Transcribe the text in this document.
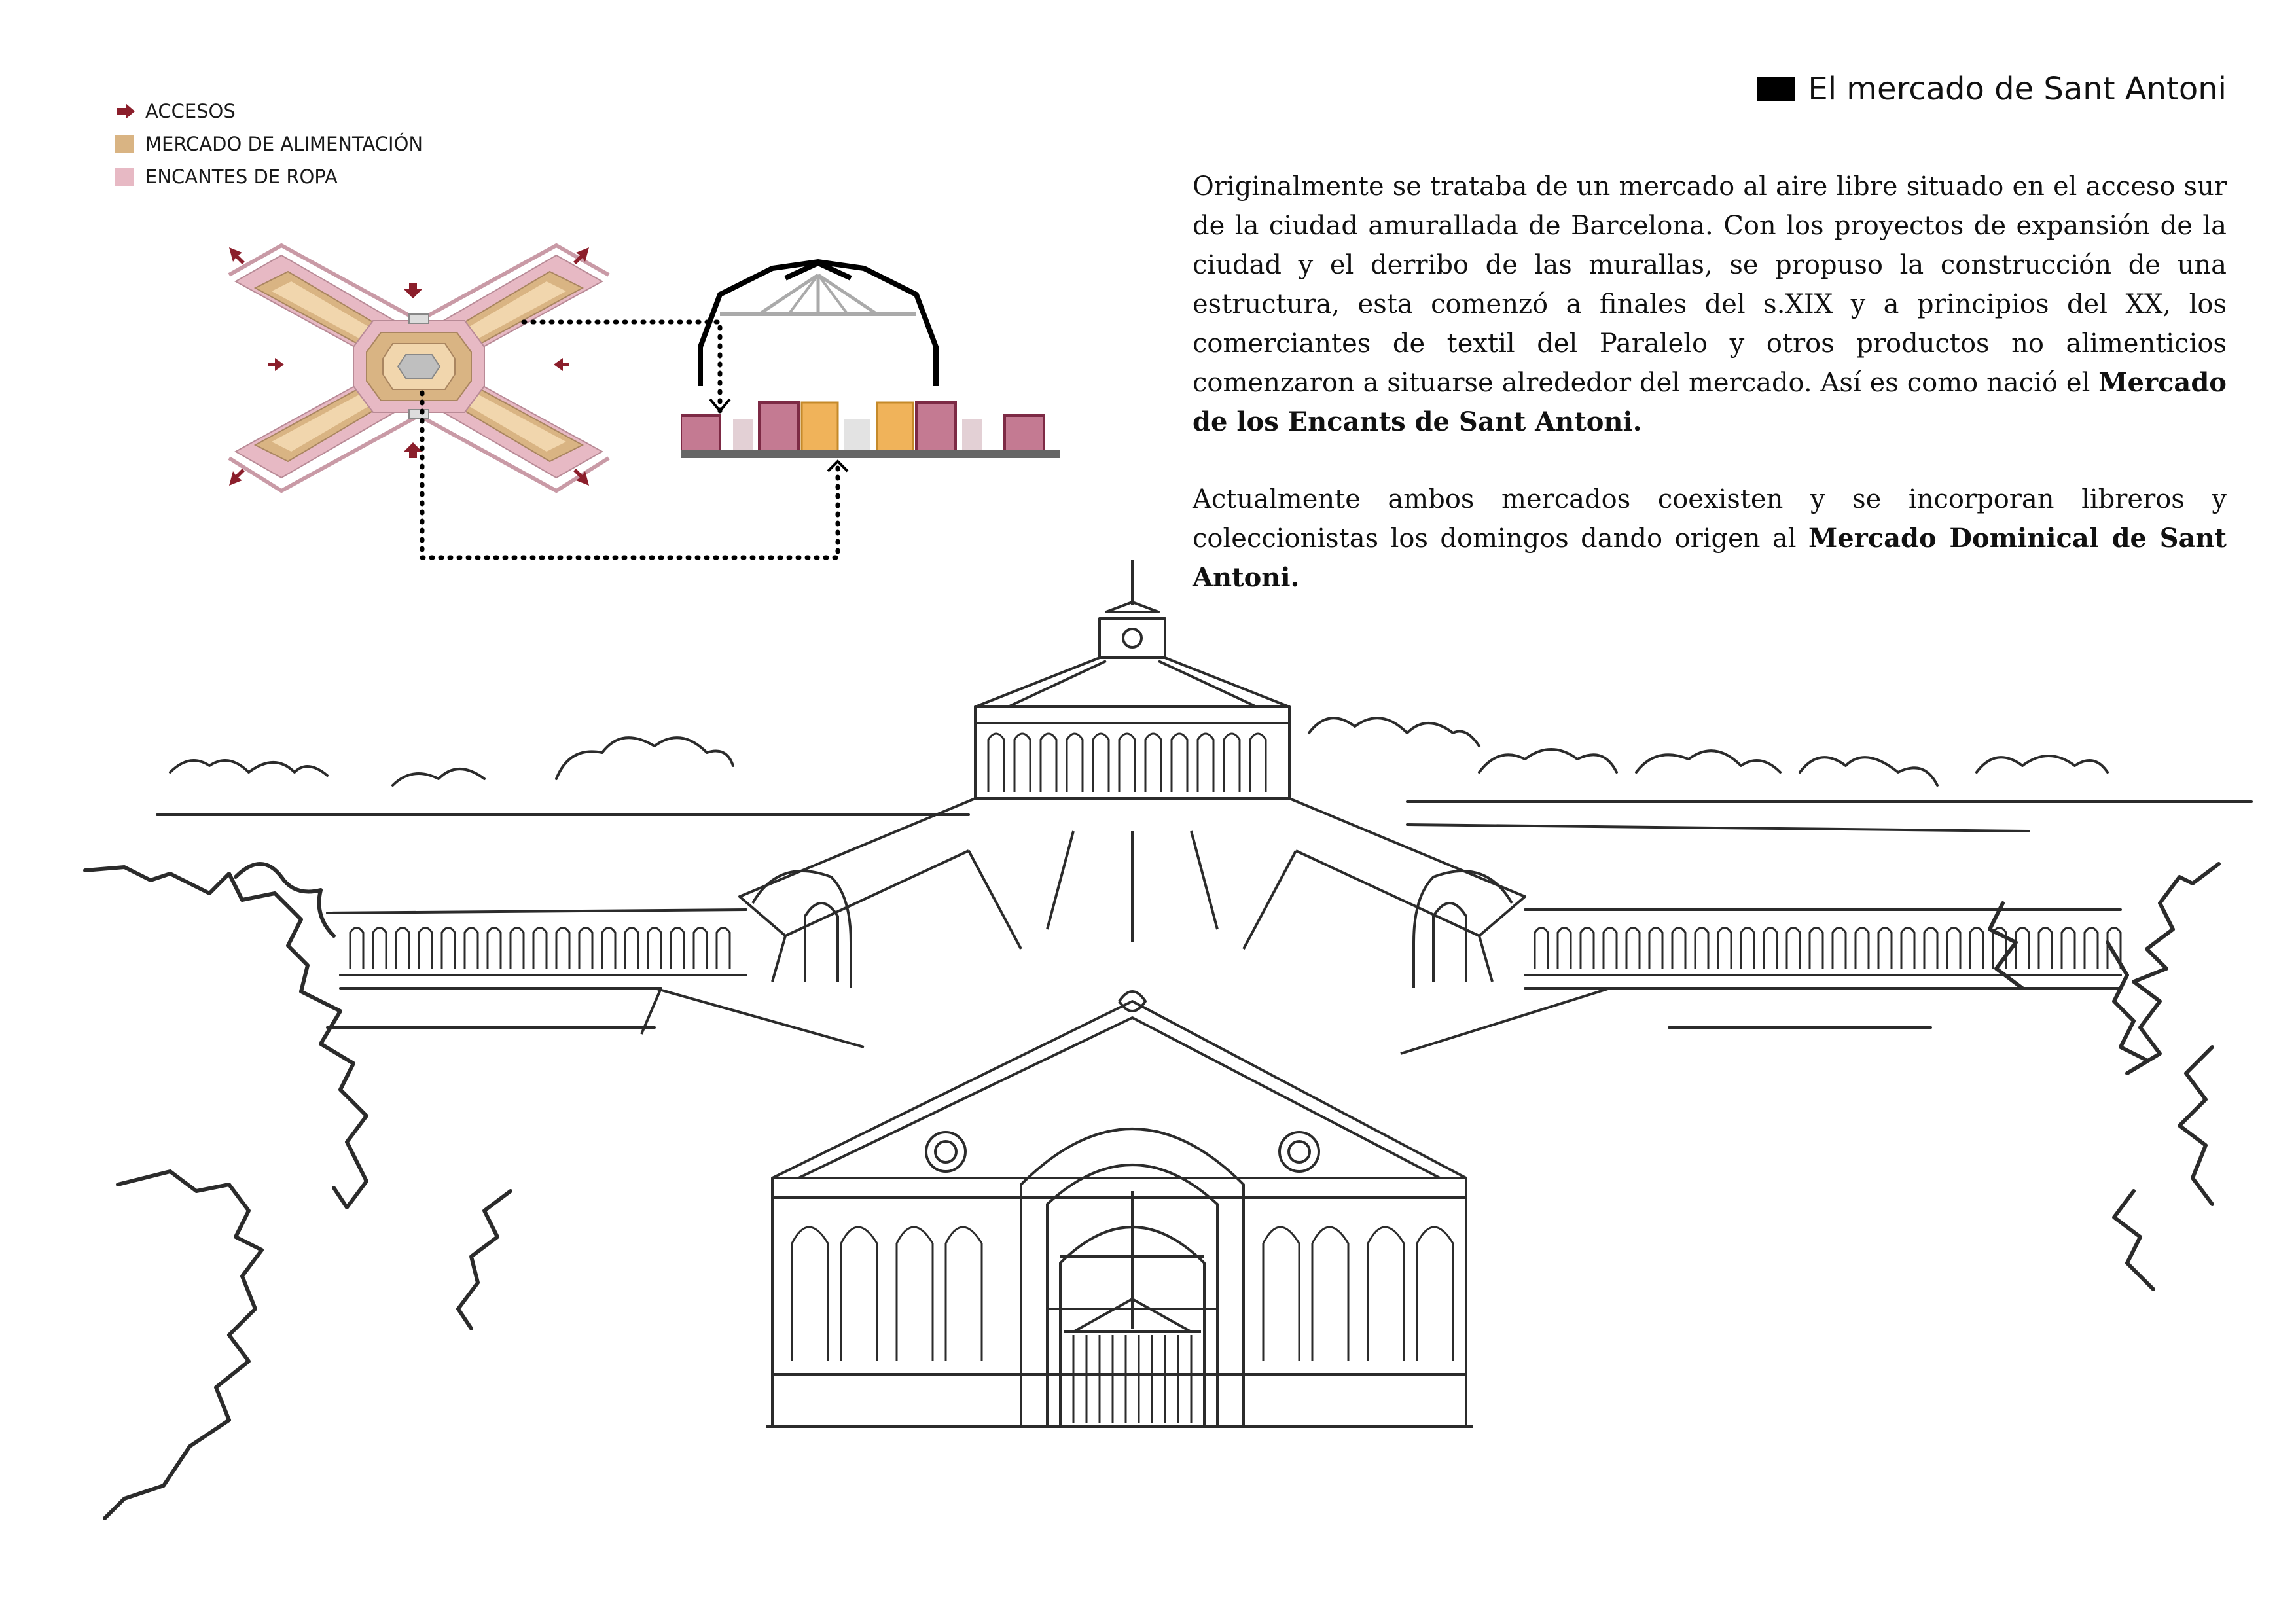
El mercado de Sant Antoni
ACCESOS
MERCADO DE ALIMENTACIÓN
ENCANTES DE ROPA	Originalmente se trataba de un mercado al aire libre situado en el acceso sur de la ciudad amurallada de Barcelona. Con los proyectos de expansión de la ciudad y el derribo de las murallas, se propuso la construcción de una estructura, esta comenzó a finales del s.XIX y a principios del XX, los comerciantes de textil del Paralelo y otros productos no alimenticios comenzaron a situarse alrededor del mercado. Así es como nació el Mercado de los Encants de Sant Antoni.

Actualmente ambos mercados coexisten y se incorporan libreros y coleccionistas los domingos dando origen al Mercado Dominical de Sant Antoni.
